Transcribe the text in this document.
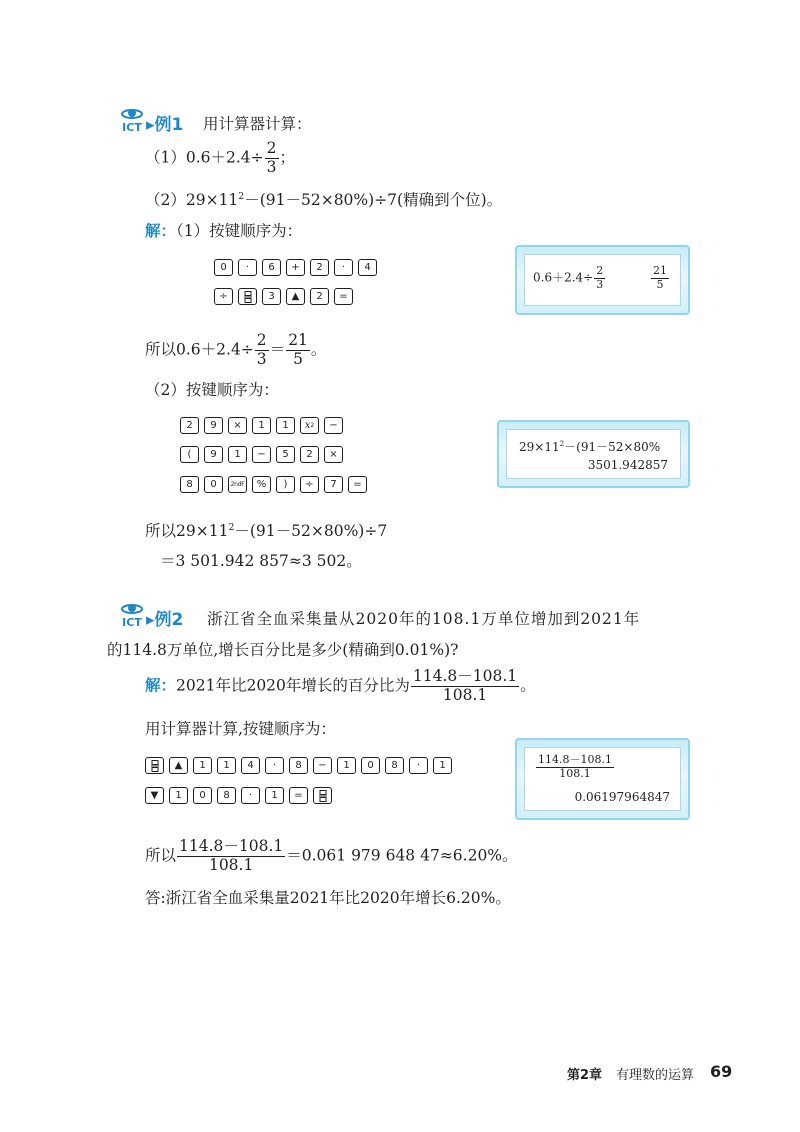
ICT ▸例1 用计算器计算：
$(1)0.6+2.4\div \frac{2}{3}$ ；
$(2)29\times 11^2-(91-52\times 80\%)\div 7$(精确到个位)。
解：（1）按键顺序为：
0	·	6	+	2	·	4
÷	3	▲	2	=
$0.6+2.4\div \frac{2}{3}$	$\frac{21}{5}$
所以$0.6+2.4\div \frac{2}{3} = \frac{21}{5}$ 。
（2）按键顺序为：
2	9	×	1	1	x 2	−
(	9	1	−	5	2	×
8	0	2ndF	%	)	÷	7	=
$29\times 11^2-(91-52\times 80\%$
3501.942857
所以$29\times 11^2-(91-52\times 80\%)\div 7$
＝3 501.942 857≈3 502。
ICT ▸例2 浙江省全血采集量从2020年的108.1万单位增加到2021年
的114.8万单位,增长百分比是多少(精确到0.01%)?
解：2021年比2020年增长的百分比为 $\frac{114.8-108.1}{108.1}$ 。
用计算器计算,按键顺序为：
▲	1	1	4	·	8	−	1	0	8	·	1
▼	1	0	8	·	1	=
$\frac{114.8-108.1}{108.1}$
0.06197964847
所以 $\frac{114.8-108.1}{108.1} =0.061$ 979 648 47≈6.20%。
答:浙江省全血采集量2021年比2020年增长6.20%。
第2章 有理数的运算 69
